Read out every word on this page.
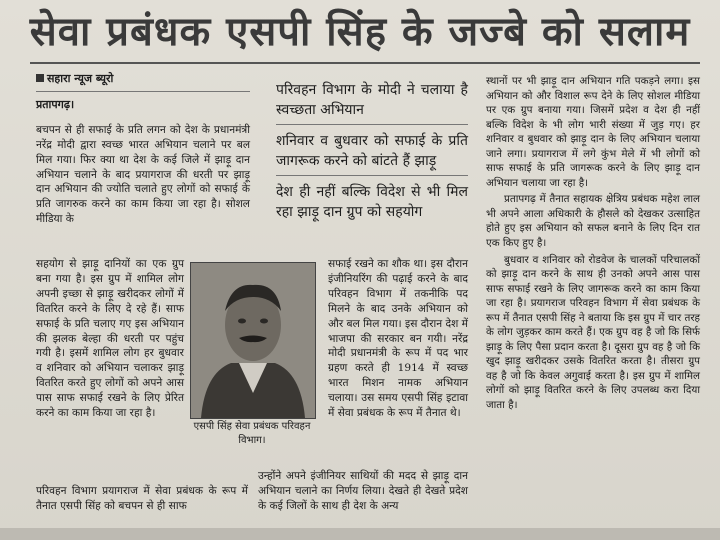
सेवा प्रबंधक एसपी सिंह के जज्बे को सलाम
सहारा न्यूज ब्यूरो
प्रतापगढ़।

बचपन से ही सफाई के प्रति लगन को देश के प्रधानमंत्री नरेंद्र मोदी द्वारा स्वच्छ भारत अभियान चलाने पर बल मिल गया। फिर क्या था देश के कई जिले में झाड़ू दान अभियान चलाने के बाद प्रयागराज की धरती पर झाड़ू दान अभियान की ज्योति चलाते हुए लोगों को सफाई के प्रति जागरुक करने का काम किया जा रहा है। सोशल मीडिया के

परिवहन विभाग के मोदी ने चलाया है स्वच्छता अभियान
शनिवार व बुधवार को सफाई के प्रति जागरूक करने को बांटते हैं झाड़ू
देश ही नहीं बल्कि विदेश से भी मिल रहा झाड़ू दान ग्रुप को सहयोग

सहयोग से झाड़ू दानियों का एक ग्रुप बना गया है। इस ग्रुप में शामिल लोग अपनी इच्छा से झाड़ू खरीदकर लोगों में वितरित करने के लिए दे रहे हैं। साफ सफाई के प्रति चलाए गए इस अभियान की झलक बेल्हा की धरती पर पहुंच गयी है। इसमें शामिल लोग हर बुधवार व शनिवार को अभियान चलाकर झाड़ू वितरित करते हुए लोगों को अपने आस पास साफ सफाई रखने के लिए प्रेरित करने का काम किया जा रहा है।

एसपी सिंह सेवा प्रबंधक परिवहन विभाग।

सफाई रखने का शौक था। इस दौरान इंजीनियरिंग की पढ़ाई करने के बाद परिवहन विभाग में तकनीकि पद मिलने के बाद उनके अभियान को और बल मिल गया। इस दौरान देश में भाजपा की सरकार बन गयी। नरेंद्र मोदी प्रधानमंत्री के रूप में पद भार ग्रहण करते ही 1914 में स्वच्छ भारत मिशन नामक अभियान चलाया। उस समय एसपी सिंह इटावा में सेवा प्रबंधक के रूप में तैनात थे।

परिवहन विभाग प्रयागराज में सेवा प्रबंधक के रूप में तैनात एसपी सिंह को बचपन से ही साफ

उन्होंने अपने इंजीनियर साथियों की मदद से झाड़ू दान अभियान चलाने का निर्णय लिया। देखते ही देखते प्रदेश के कई जिलों के साथ ही देश के अन्य

स्थानों पर भी झाड़ू दान अभियान गति पकड़ने लगा। इस अभियान को और विशाल रूप देने के लिए सोशल मीडिया पर एक ग्रुप बनाया गया। जिसमें प्रदेश व देश ही नहीं बल्कि विदेश के भी लोग भारी संख्या में जुड़ गए। हर शनिवार व बुधवार को झाड़ू दान के लिए अभियान चलाया जाने लगा। प्रयागराज में लगे कुंभ मेले में भी लोगों को साफ सफाई के प्रति जागरूक करने के लिए झाड़ू दान अभियान चलाया जा रहा है।

प्रतापगढ़ में तैनात सहायक क्षेत्रिय प्रबंधक महेश लाल भी अपने आला अधिकारी के हौसले को देखकर उत्साहित होते हुए इस अभियान को सफल बनाने के लिए दिन रात एक किए हुए है।

बुधवार व शनिवार को रोडवेज के चालकों परिचालकों को झाड़ू दान करने के साथ ही उनको अपने आस पास साफ सफाई रखने के लिए जागरूक करने का काम किया जा रहा है। प्रयागराज परिवहन विभाग में सेवा प्रबंधक के रूप में तैनात एसपी सिंह ने बताया कि इस ग्रुप में चार तरह के लोग जुड़कर काम करते हैं। एक ग्रुप वह है जो कि सिर्फ झाड़ू के लिए पैसा प्रदान करता है। दूसरा ग्रुप वह है जो कि खुद झाड़ू खरीदकर उसके वितरित करता है। तीसरा ग्रुप वह है जो कि केवल अगुवाई करता है। इस ग्रुप में शामिल लोगों को झाड़ू वितरित करने के लिए उपलब्ध करा दिया जाता है।
